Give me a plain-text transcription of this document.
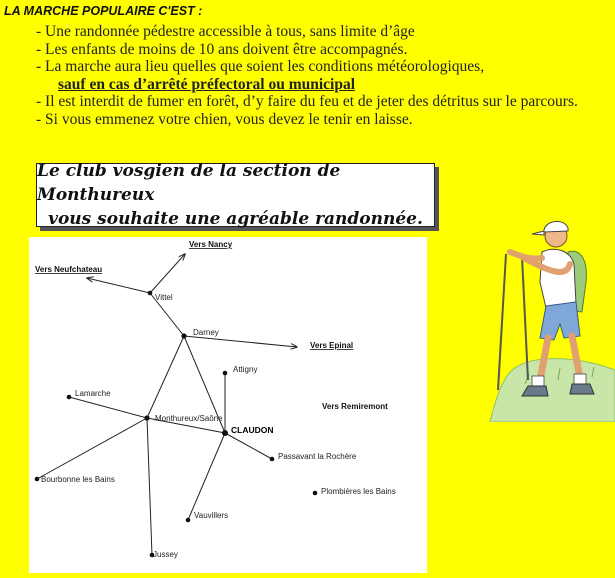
LA MARCHE POPULAIRE C'EST :
- Une randonnée pédestre accessible à tous, sans limite d’âge
- Les enfants de moins de 10 ans doivent être accompagnés.
- La marche aura lieu quelles que soient les conditions météorologiques,
sauf en cas d’arrêté préfectoral ou municipal
- Il est interdit de fumer en forêt, d’y faire du feu et de jeter des détritus sur le parcours.
- Si vous emmenez votre chien, vous devez le tenir en laisse.
Le club vosgien de la section de Monthureux
vous souhaite une agréable randonnée.
Vers Nancy
Vers Neufchateau
Vers Epinal
Vers Remiremont
Vittel
Darney
Attigny
Lamarche
Monthureux/Saône
CLAUDON
Passavant la Rochère
Bourbonne les Bains
Plombières les Bains
Vauvillers
Jussey
